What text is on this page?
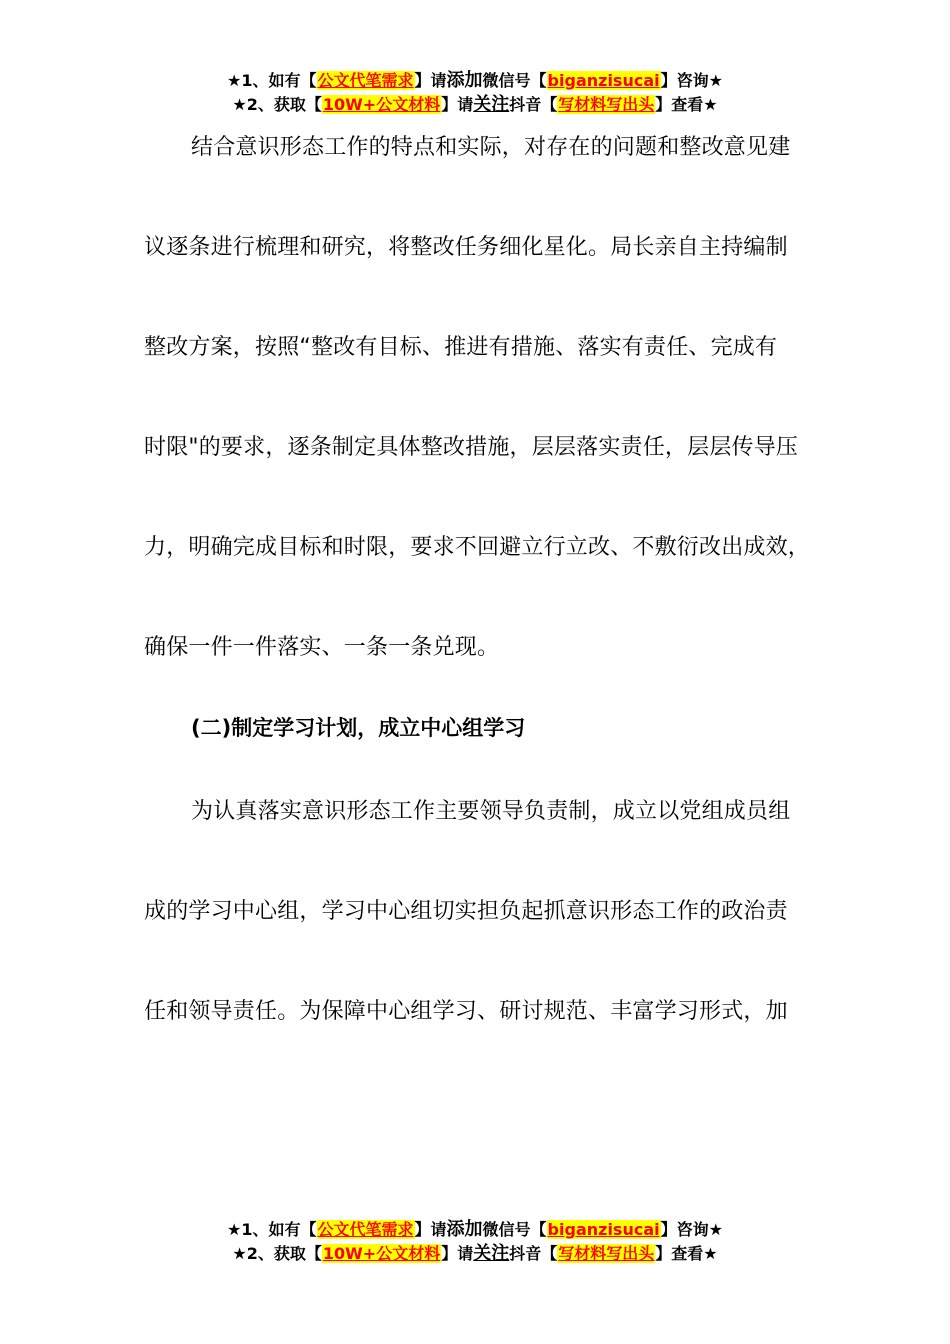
★1、如有【公文代笔需求】请添加微信号【biganzisucai】咨询★
★2、获取【10W+公文材料】请关注抖音【写材料写出头】查看★
结合意识形态工作的特点和实际，对存在的问题和整改意见建
议逐条进行梳理和研究，将整改任务细化星化。局长亲自主持编制
整改方案，按照“整改有目标、推进有措施、落实有责任、完成有
时限"的要求，逐条制定具体整改措施，层层落实责任，层层传导压
力，明确完成目标和时限，要求不回避立行立改、不敷衍改出成效，
确保一件一件落实、一条一条兑现。
(二)制定学习计划，成立中心组学习
为认真落实意识形态工作主要领导负责制，成立以党组成员组
成的学习中心组，学习中心组切实担负起抓意识形态工作的政治责
任和领导责任。为保障中心组学习、研讨规范、丰富学习形式，加
★1、如有【公文代笔需求】请添加微信号【biganzisucai】咨询★
★2、获取【10W+公文材料】请关注抖音【写材料写出头】查看★
